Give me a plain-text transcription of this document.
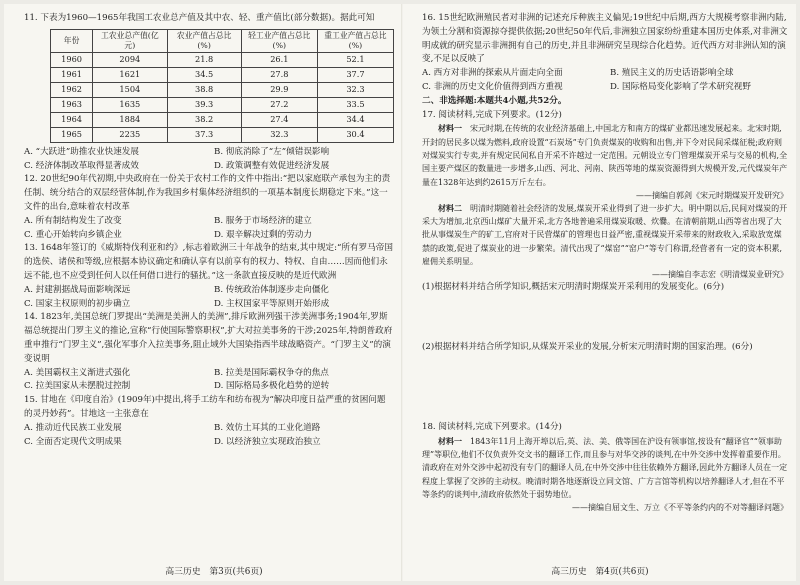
11. 下表为1960—1965年我国工农业总产值及其中农、轻、重产值比(部分数据)。据此可知

年份	工农业总产值(亿元)	农业产值占总比(%)	轻工业产值占总比(%)	重工业产值占总比(%)
1960	2094	21.8	26.1	52.1
1961	1621	34.5	27.8	37.7
1962	1504	38.8	29.9	32.3
1963	1635	39.3	27.2	33.5
1964	1884	38.2	27.4	34.4
1965	2235	37.3	32.3	30.4
A. “大跃进”助推农业快速发展	B. 彻底消除了“左”倾错误影响
C. 经济体制改革取得显著成效	D. 政策调整有效促进经济发展

12. 20世纪90年代初期,中央政府在一份关于农村工作的文件中指出:“把以家庭联产承包为主的责任制、统分结合的双层经营体制,作为我国乡村集体经济组织的一项基本制度长期稳定下来。”这一文件的出台,意味着农村改革

A. 所有制结构发生了改变	B. 服务于市场经济的建立
C. 重心开始转向乡镇企业	D. 艰辛解决过剩的劳动力

13. 1648年签订的《威斯特伐利亚和约》,标志着欧洲三十年战争的结束,其中规定:“所有罗马帝国的选侯、诸侯和等级,应根据本协议确定和确认享有以前享有的权力、特权、自由……因而他们永远不能,也不应受到任何人以任何借口进行的骚扰。”这一条款直接反映的是近代欧洲

A. 封建割据战局面影响深远	B. 传统政治体制逐步走向僵化
C. 国家主权原则的初步确立	D. 主权国家平等原则开始形成

14. 1823年,美国总统门罗提出“美洲是美洲人的美洲”,排斥欧洲列强干涉美洲事务;1904年,罗斯福总统提出门罗主义的推论,宣称“行使国际警察职权”,扩大对拉美事务的干涉;2025年,特朗普政府重申推行“门罗主义”,强化军事介入拉美事务,阻止域外大国染指西半球战略资产。“门罗主义”的演变说明

A. 美国霸权主义渐进式强化	B. 拉美是国际霸权争夺的焦点
C. 拉美国家从未摆脱过控制	D. 国际格局多极化趋势的逆转

15. 甘地在《印度自治》(1909年)中提出,将手工纺车和纺布视为“解决印度日益严重的贫困问题的灵丹妙药”。甘地这一主张意在

A. 推动近代民族工业发展	B. 效仿土耳其的工业化道路
C. 全面否定现代文明成果	D. 以经济独立实现政治独立

16. 15世纪欧洲殖民者对非洲的记述充斥种族主义偏见;19世纪中后期,西方大规模考察非洲内陆,为领土分割和资源掠夺提供依据;20世纪50年代后,非洲独立国家纷纷重建本国历史体系,对非洲文明成就的研究显示非洲拥有自己的历史,并且非洲研究呈现综合化趋势。近代西方对非洲认知的演变,不足以反映了

A. 西方对非洲的探索从片面走向全面	B. 殖民主义的历史话语影响全球
C. 非洲的历史文化价值得到西方重视	D. 国际格局变化影响了学术研究视野

二、非选择题:本题共4小题,共52分。

17. 阅读材料,完成下列要求。(12分)

材料一　 宋元时期,在传统的农业经济基础上,中国北方和南方的煤矿业都迅速发展起来。北宋时期,开封的居民多以煤为燃料,政府设置“石炭场”专门负责煤炭的收购和出售,并下令对民间采煤征税;政府则对煤炭实行专卖,并有规定民间私自开采不许越过一定范围。元朝设立专门管理煤炭开采与交易的机构,全国主要产煤区的数量进一步增多,山西、河北、河南、陕西等地的煤炭资源得到大规模开发,元代煤炭年产量在1328年达到约2615万斤左右。

——摘编自郭剑《宋元时期煤炭开发研究》

材料二　 明清时期随着社会经济的发展,煤炭开采业得到了进一步扩大。明中期以后,民间对煤炭的开采大为增加,北京西山煤矿大量开采,北方各地普遍采用煤炭取暖、炊爨。在清朝前期,山西等省出现了大批从事煤炭生产的矿工,官府对于民营煤矿的管理也日益严密,重视煤炭开采带来的财政收入,采取放宽煤禁的政策,促进了煤炭业的进一步繁荣。清代出现了“煤窑”“窑户”等专门称谓,经营者有一定的资本积累,雇佣关系明显。

——摘编自李志宏《明清煤炭业研究》

(1)根据材料并结合所学知识,概括宋元明清时期煤炭开采利用的发展变化。(6分)

(2)根据材料并结合所学知识,从煤炭开采业的发展,分析宋元明清时期的国家治理。(6分)

18. 阅读材料,完成下列要求。(14分)

材料一　 1843年11月上海开埠以后,英、法、美、俄等国在沪设有领事馆,按设有“翻译官”“领事助理”等职位,他们不仅负责外交文书的翻译工作,而且参与对华交涉的谈判,在中外交涉中发挥着重要作用。清政府在对外交涉中起初没有专门的翻译人员,在中外交涉中往往依赖外方翻译,因此外方翻译人员在一定程度上掌握了交涉的主动权。晚清时期各地逐渐设立同文馆、广方言馆等机构以培养翻译人才,但在不平等条约的谈判中,清政府依然处于弱势地位。

——摘编自屈文生、万立《不平等条约内的不对等翻译问题》

高三历史　第3页(共6页)	高三历史　第4页(共6页)
